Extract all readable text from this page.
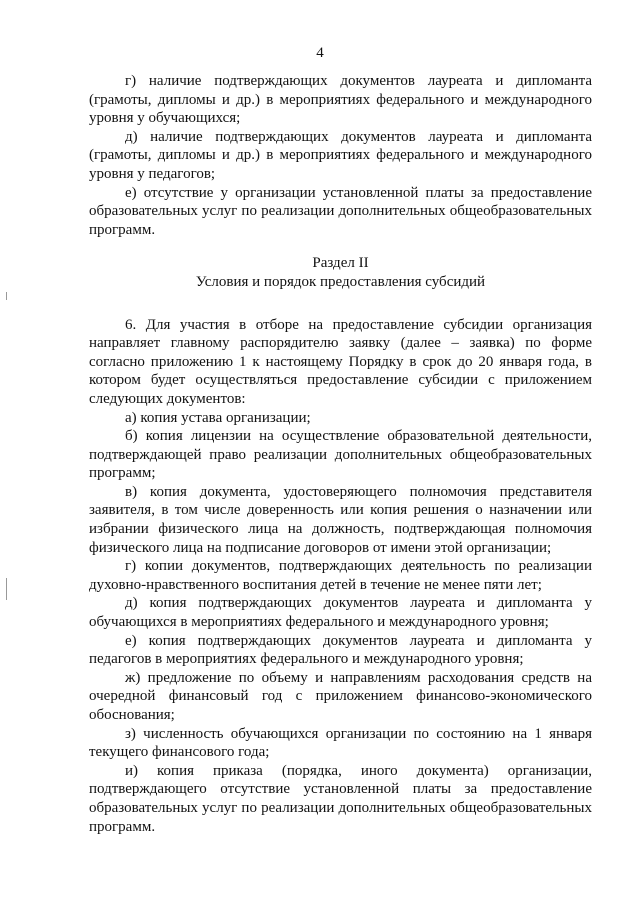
4

г) наличие подтверждающих документов лауреата и дипломанта (грамоты, дипломы и др.) в мероприятиях федерального и международного уровня у обучающихся;

д) наличие подтверждающих документов лауреата и дипломанта (грамоты, дипломы и др.) в мероприятиях федерального и международного уровня у педагогов;

е) отсутствие у организации установленной платы за предоставление образовательных услуг по реализации дополнительных общеобразовательных программ.

Раздел II

Условия и порядок предоставления субсидий

6. Для участия в отборе на предоставление субсидии организация направляет главному распорядителю заявку (далее – заявка) по форме согласно приложению 1 к настоящему Порядку в срок до 20 января года, в котором будет осуществляться предоставление субсидии с приложением следующих документов:

а) копия устава организации;

б) копия лицензии на осуществление образовательной деятельности, подтверждающей право реализации дополнительных общеобразовательных программ;

в) копия документа, удостоверяющего полномочия представителя заявителя, в том числе доверенность или копия решения о назначении или избрании физического лица на должность, подтверждающая полномочия физического лица на подписание договоров от имени этой организации;

г) копии документов, подтверждающих деятельность по реализации духовно-нравственного воспитания детей в течение не менее пяти лет;

д) копия подтверждающих документов лауреата и дипломанта у обучающихся в мероприятиях федерального и международного уровня;

е) копия подтверждающих документов лауреата и дипломанта у педагогов в мероприятиях федерального и международного уровня;

ж) предложение по объему и направлениям расходования средств на очередной финансовый год с приложением финансово-экономического обоснования;

з) численность обучающихся организации по состоянию на 1 января текущего финансового года;

и) копия приказа (порядка, иного документа) организации, подтверждающего отсутствие установленной платы за предоставление образовательных услуг по реализации дополнительных общеобразовательных программ.
